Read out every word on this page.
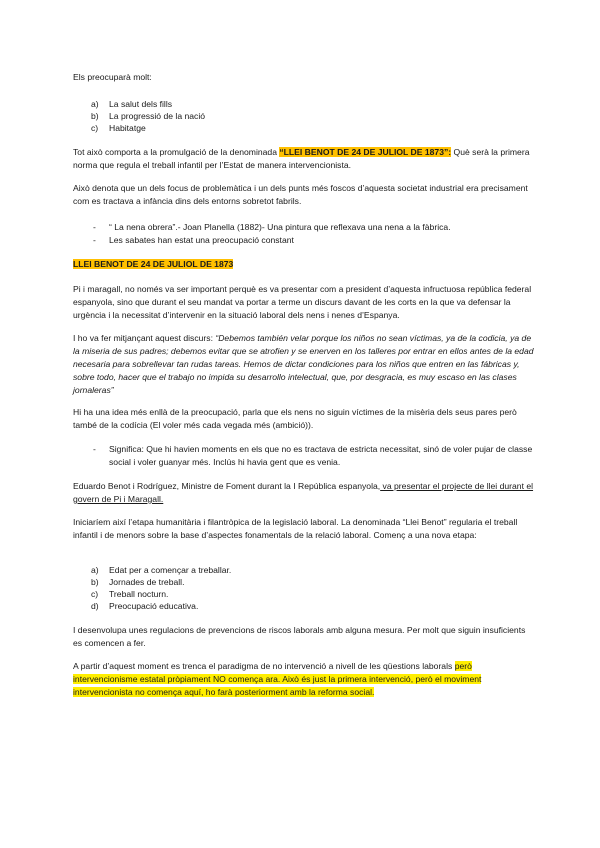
Els preocuparà molt:
a) La salut dels fills
b) La progressió de la nació
c) Habitatge
Tot això comporta a la promulgació de la denominada “LLEI BENOT DE 24 DE JULIOL DE 1873”: Què serà la primera norma que regula el treball infantil per l’Estat de manera intervencionista.
Això denota que un dels focus de problemàtica i un dels punts més foscos d’aquesta societat industrial era precisament com es tractava a infància dins dels entorns sobretot fabrils.
- “ La nena obrera”.- Joan Planella (1882)- Una pintura que reflexava una nena a la fàbrica.
- Les sabates han estat una preocupació constant
LLEI BENOT DE 24 DE JULIOL DE 1873
Pi i maragall, no només va ser important perquè es va presentar com a president d’aquesta infructuosa república federal espanyola, sino que durant el seu mandat va portar a terme un discurs davant de les corts en la que va defensar la urgència i la necessitat d’intervenir en la situació laboral dels nens i nenes d’Espanya.
I ho va fer mitjançant aquest discurs: “Debemos también velar porque los niños no sean víctimas, ya de la codicia, ya de la miseria de sus padres; debemos evitar que se atrofien y se enerven en los talleres por entrar en ellos antes de la edad necesaria para sobrellevar tan rudas tareas. Hemos de dictar condiciones para los niños que entren en las fábricas y, sobre todo, hacer que el trabajo no impida su desarrollo intelectual, que, por desgracia, es muy escaso en las clases jornaleras”
Hi ha una idea més enllà de la preocupació, parla que els nens no siguin víctimes de la misèria dels seus pares però també de la codícia (El voler més cada vegada més (ambició)).
- Significa: Que hi havien moments en els que no es tractava de estricta necessitat, sinó de voler pujar de classe social i voler guanyar més. Inclús hi havia gent que es venia.
Eduardo Benot i Rodríguez, Ministre de Foment durant la I República espanyola, va presentar el projecte de llei durant el govern de Pi i Maragall.
Iniciaríem així l’etapa humanitària i filantròpica de la legislació laboral. La denominada “Llei Benot” regularia el treball infantil i de menors sobre la base d’aspectes fonamentals de la relació laboral. Començ a una nova etapa:
a) Edat per a començar a treballar.
b) Jornades de treball.
c) Treball nocturn.
d) Preocupació educativa.
I desenvolupa unes regulacions de prevencions de riscos laborals amb alguna mesura. Per molt que siguin insuficients es comencen a fer.
A partir d’aquest moment es trenca el paradigma de no intervenció a nivell de les qüestions laborals però intervencionisme estatal pròpiament NO comença ara. Això és just la primera intervenció, però el moviment intervencionista no comença aquí, ho farà posteriorment amb la reforma social.
